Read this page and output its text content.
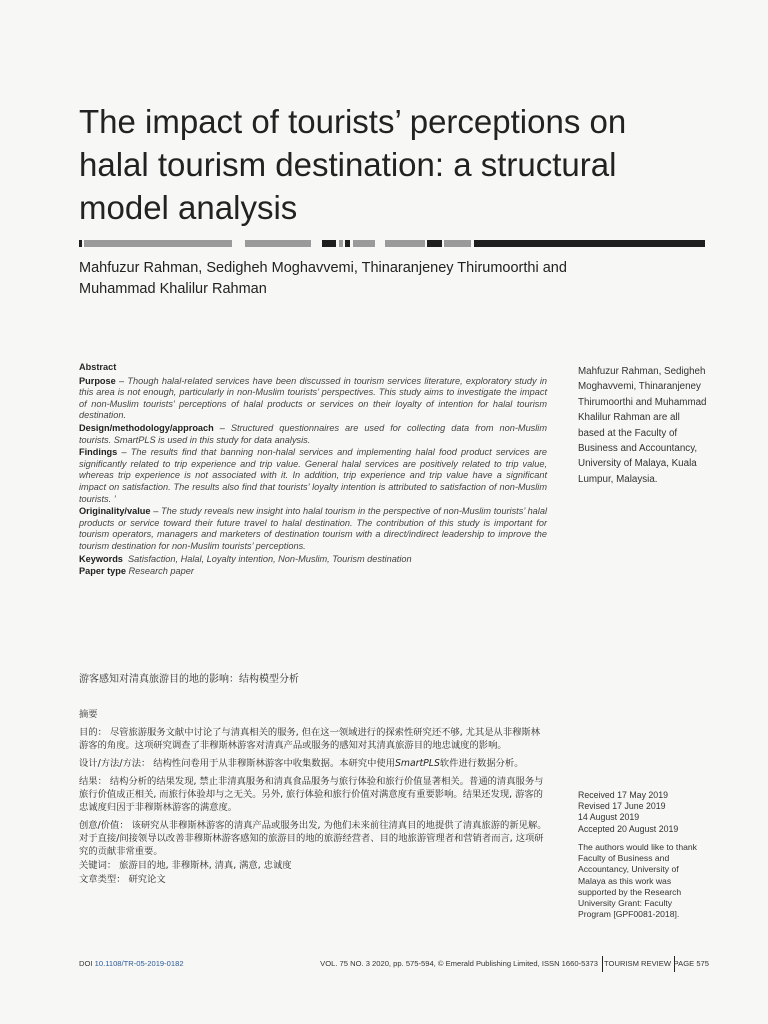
The impact of tourists’ perceptions on halal tourism destination: a structural model analysis
Mahfuzur Rahman, Sedigheh Moghavvemi, Thinaranjeney Thirumoorthi and Muhammad Khalilur Rahman

Abstract

Purpose – Though halal-related services have been discussed in tourism services literature, exploratory study in this area is not enough, particularly in non-Muslim tourists’ perspectives. This study aims to investigate the impact of non-Muslim tourists’ perceptions of halal products or services on their loyalty of intention for halal tourism destination.

Design/methodology/approach – Structured questionnaires are used for collecting data from non-Muslim tourists. SmartPLS is used in this study for data analysis.

Findings – The results find that banning non-halal services and implementing halal food product services are significantly related to trip experience and trip value. General halal services are positively related to trip value, whereas trip experience is not associated with it. In addition, trip experience and trip value have a significant impact on satisfaction. The results also find that tourists’ loyalty intention is attributed to satisfaction of non-Muslim tourists. ’

Originality/value – The study reveals new insight into halal tourism in the perspective of non-Muslim tourists’ halal products or service toward their future travel to halal destination. The contribution of this study is important for tourism operators, managers and marketers of destination tourism with a direct/indirect leadership to improve the tourism destination for non-Muslim tourists’ perceptions.

Keywords Satisfaction, Halal, Loyalty intention, Non-Muslim, Tourism destination

Paper type Research paper

Mahfuzur Rahman, Sedigheh Moghavvemi, Thinaranjeney Thirumoorthi and Muhammad Khalilur Rahman are all based at the Faculty of Business and Accountancy, University of Malaya, Kuala Lumpur, Malaysia.
游客感知对清真旅游目的地的影响：结构模型分析

摘要

目的： 尽管旅游服务文献中讨论了与清真相关的服务, 但在这一领域进行的探索性研究还不够, 尤其是从非穆斯林游客的角度。这项研究调查了非穆斯林游客对清真产品或服务的感知对其清真旅游目的地忠诚度的影响。

设计/方法/方法： 结构性问卷用于从非穆斯林游客中收集数据。本研究中使用SmartPLS软件进行数据分析。

结果： 结构分析的结果发现, 禁止非清真服务和清真食品服务与旅行体验和旅行价值显著相关。普通的清真服务与旅行价值成正相关, 而旅行体验却与之无关。另外, 旅行体验和旅行价值对满意度有重要影响。结果还发现, 游客的忠诚度归因于非穆斯林游客的满意度。

创意/价值： 该研究从非穆斯林游客的清真产品或服务出发, 为他们未来前往清真目的地提供了清真旅游的新见解。对于直接/间接领导以改善非穆斯林游客感知的旅游目的地的旅游经营者、目的地旅游管理者和营销者而言, 这项研究的贡献非常重要。

关键词： 旅游目的地, 非穆斯林, 清真, 满意, 忠诚度

文章类型： 研究论文

Received 17 May 2019
Revised 17 June 2019
14 August 2019
Accepted 20 August 2019
The authors would like to thank Faculty of Business and Accountancy, University of Malaya as this work was supported by the Research University Grant: Faculty Program [GPF0081-2018].
DOI 10.1108/TR-05-2019-0182	VOL. 75 NO. 3 2020, pp. 575-594, © Emerald Publishing Limited, ISSN 1660-5373 TOURISM REVIEW PAGE 575
